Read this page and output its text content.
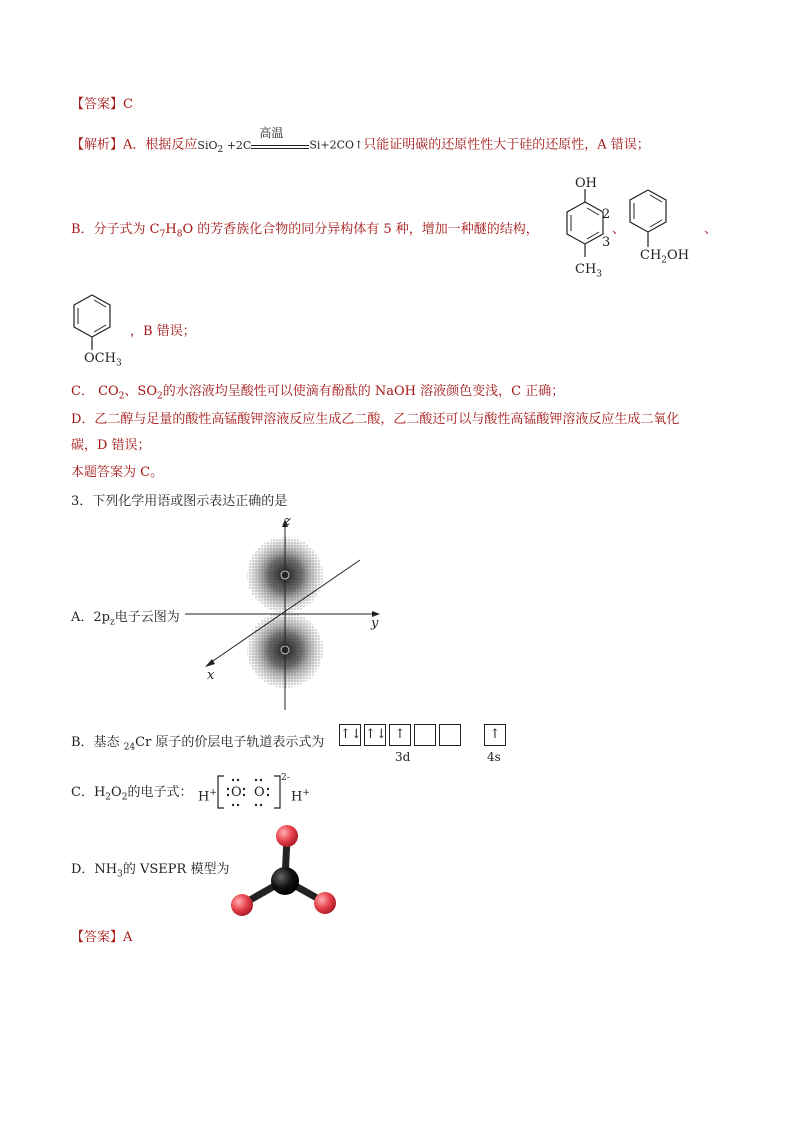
【答案】C
【解析】A．根据反应SiO$_2$ +2C
高温
Si+2CO↑只能证明碳的还原性性大于硅的还原性，A 错误；
B．分子式为 $C_7H_8O$ 的芳香族化合物的同分异构体有 5 种，增加一种醚的结构，
OH
2
3
$CH_3$
、
$CH_2OH$
、
$OCH_3$
，B 错误；
C． $CO_2$、$SO_2$的水溶液均呈酸性可以使滴有酚酞的 NaOH 溶液颜色变浅，C 正确；
D．乙二醇与足量的酸性高锰酸钾溶液反应生成乙二酸，乙二酸还可以与酸性高锰酸钾溶液反应生成二氧化
碳，D 错误；
本题答案为 C。
3．下列化学用语或图示表达正确的是
A．$2p_z$电子云图为
z
y
x
B．基态 $_{24}$Cr 原子的价层电子轨道表示式为
↑↓ ↑↓ ↑	↑
3d	4s
C．$H_2O_2$的电子式： H+ O O
2-
H+
D．$NH_3$的 VSEPR 模型为
【答案】A
